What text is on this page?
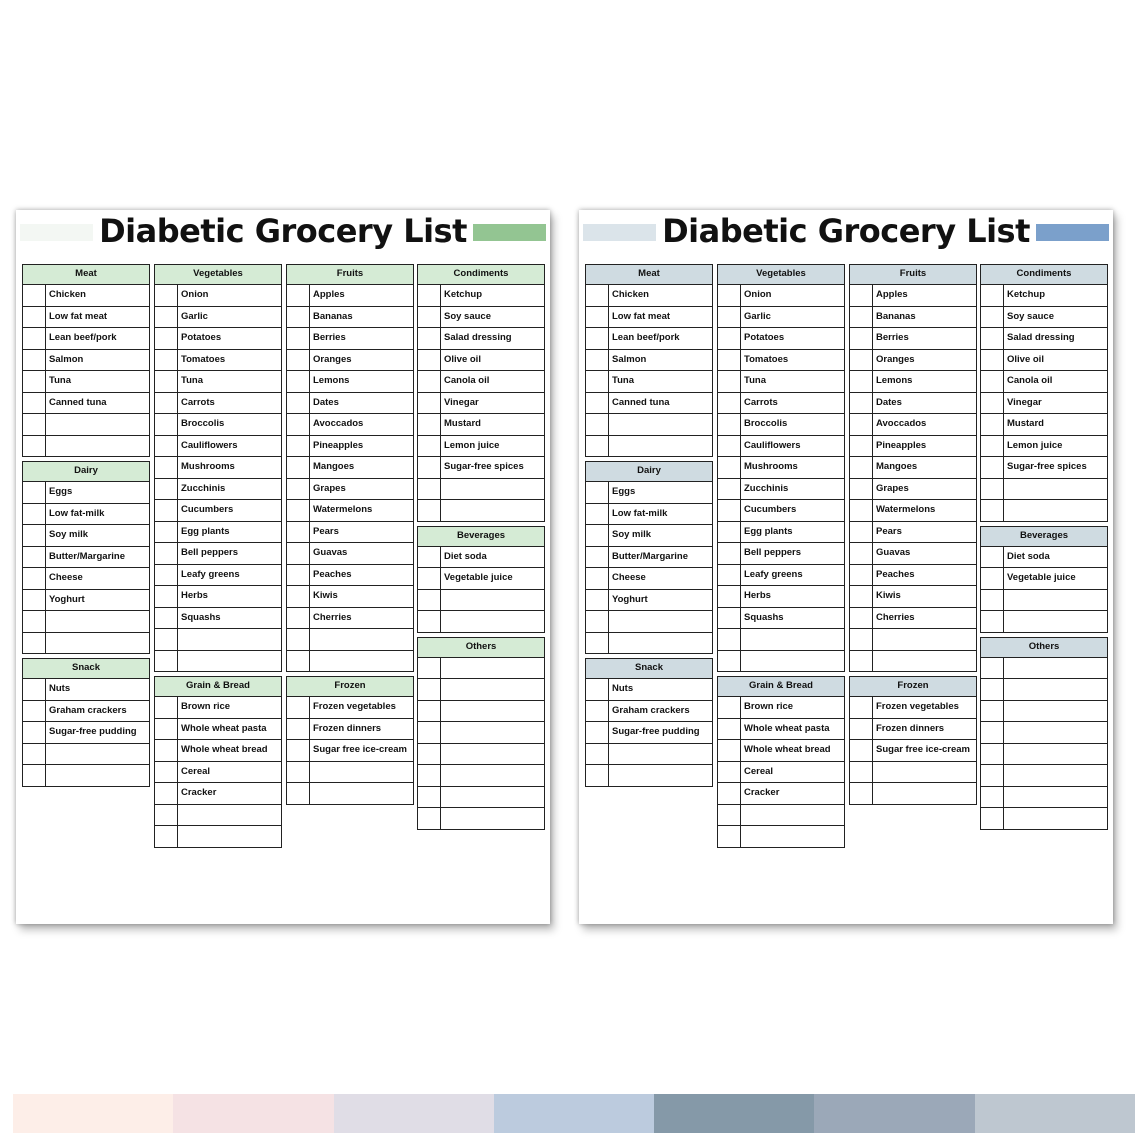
Diabetic Grocery List
Meat
Chicken
Low fat meat
Lean beef/pork
Salmon
Tuna
Canned tuna
Dairy
Eggs
Low fat-milk
Soy milk
Butter/Margarine
Cheese
Yoghurt
Snack
Nuts
Graham crackers
Sugar-free pudding
Vegetables
Onion
Garlic
Potatoes
Tomatoes
Tuna
Carrots
Broccolis
Cauliflowers
Mushrooms
Zucchinis
Cucumbers
Egg plants
Bell peppers
Leafy greens
Herbs
Squashs
Grain & Bread
Brown rice
Whole wheat pasta
Whole wheat bread
Cereal
Cracker
Fruits
Apples
Bananas
Berries
Oranges
Lemons
Dates
Avoccados
Pineapples
Mangoes
Grapes
Watermelons
Pears
Guavas
Peaches
Kiwis
Cherries
Frozen
Frozen vegetables
Frozen dinners
Sugar free ice-cream
Condiments
Ketchup
Soy sauce
Salad dressing
Olive oil
Canola oil
Vinegar
Mustard
Lemon juice
Sugar-free spices
Beverages
Diet soda
Vegetable juice
Others
Diabetic Grocery List
Meat
Chicken
Low fat meat
Lean beef/pork
Salmon
Tuna
Canned tuna
Dairy
Eggs
Low fat-milk
Soy milk
Butter/Margarine
Cheese
Yoghurt
Snack
Nuts
Graham crackers
Sugar-free pudding
Vegetables
Onion
Garlic
Potatoes
Tomatoes
Tuna
Carrots
Broccolis
Cauliflowers
Mushrooms
Zucchinis
Cucumbers
Egg plants
Bell peppers
Leafy greens
Herbs
Squashs
Grain & Bread
Brown rice
Whole wheat pasta
Whole wheat bread
Cereal
Cracker
Fruits
Apples
Bananas
Berries
Oranges
Lemons
Dates
Avoccados
Pineapples
Mangoes
Grapes
Watermelons
Pears
Guavas
Peaches
Kiwis
Cherries
Frozen
Frozen vegetables
Frozen dinners
Sugar free ice-cream
Condiments
Ketchup
Soy sauce
Salad dressing
Olive oil
Canola oil
Vinegar
Mustard
Lemon juice
Sugar-free spices
Beverages
Diet soda
Vegetable juice
Others
